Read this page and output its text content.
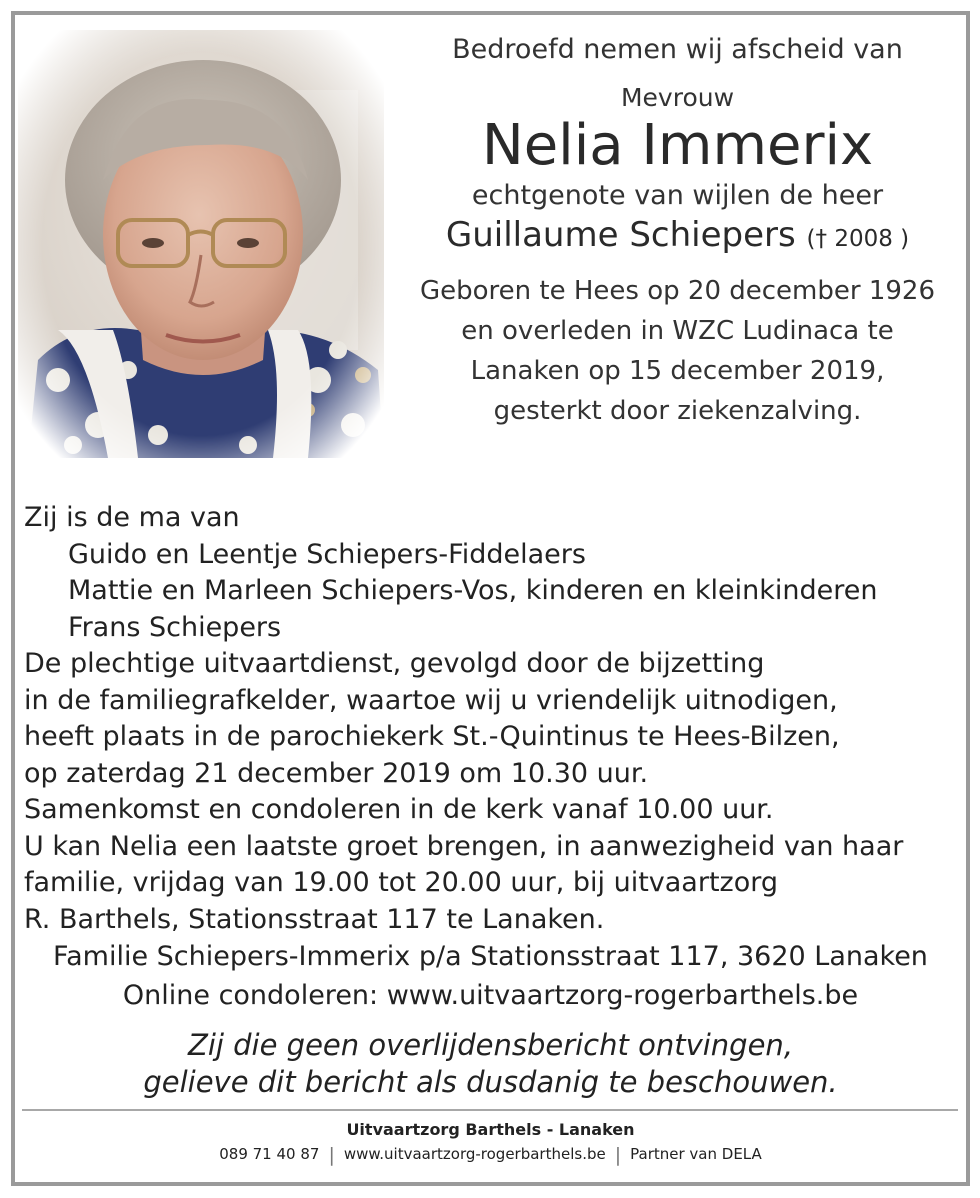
Bedroefd nemen wij afscheid van
Mevrouw
Nelia Immerix
echtgenote van wijlen de heer
Guillaume Schiepers († 2008 )
Geboren te Hees op 20 december 1926
en overleden in WZC Ludinaca te
Lanaken op 15 december 2019,
gesterkt door ziekenzalving.
Zij is de ma van
Guido en Leentje Schiepers-Fiddelaers
Mattie en Marleen Schiepers-Vos, kinderen en kleinkinderen
Frans Schiepers
De plechtige uitvaartdienst, gevolgd door de bijzetting
in de familiegrafkelder, waartoe wij u vriendelijk uitnodigen,
heeft plaats in de parochiekerk St.-Quintinus te Hees-Bilzen,
op zaterdag 21 december 2019 om 10.30 uur.
Samenkomst en condoleren in de kerk vanaf 10.00 uur.
U kan Nelia een laatste groet brengen, in aanwezigheid van haar
familie, vrijdag van 19.00 tot 20.00 uur, bij uitvaartzorg
R. Barthels, Stationsstraat 117 te Lanaken.
Familie Schiepers-Immerix p/a Stationsstraat 117, 3620 Lanaken
Online condoleren: www.uitvaartzorg-rogerbarthels.be
Zij die geen overlijdensbericht ontvingen,
gelieve dit bericht als dusdanig te beschouwen.
Uitvaartzorg Barthels - Lanaken
089 71 40 87 | www.uitvaartzorg-rogerbarthels.be | Partner van DELA
